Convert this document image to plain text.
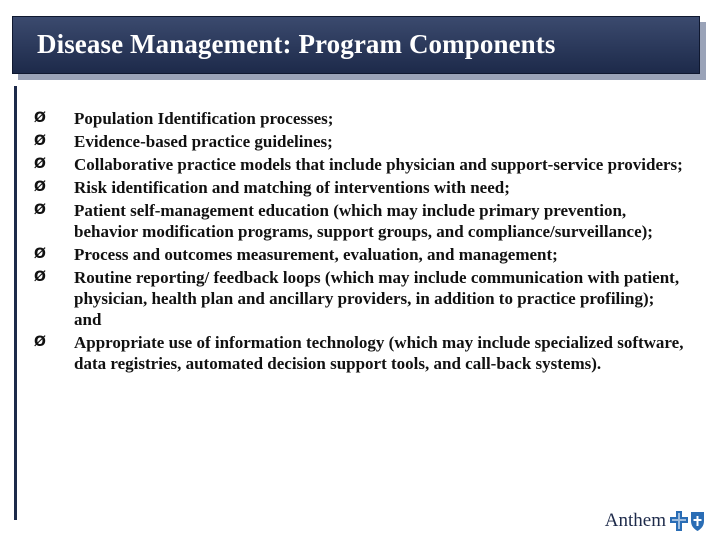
Disease Management: Program Components
Ø Population Identification processes;
Ø Evidence-based practice guidelines;
Ø Collaborative practice models that include physician and support-service providers;
Ø Risk identification and matching of interventions with need;
Ø Patient self-management education (which may include primary prevention, behavior modification programs, support groups, and compliance/surveillance);
Ø Process and outcomes measurement, evaluation, and management;
Ø Routine reporting/ feedback loops (which may include communication with patient, physician, health plan and ancillary providers, in addition to practice profiling); and
Ø Appropriate use of information technology (which may include specialized software, data registries, automated decision support tools, and call-back systems).
Anthem
